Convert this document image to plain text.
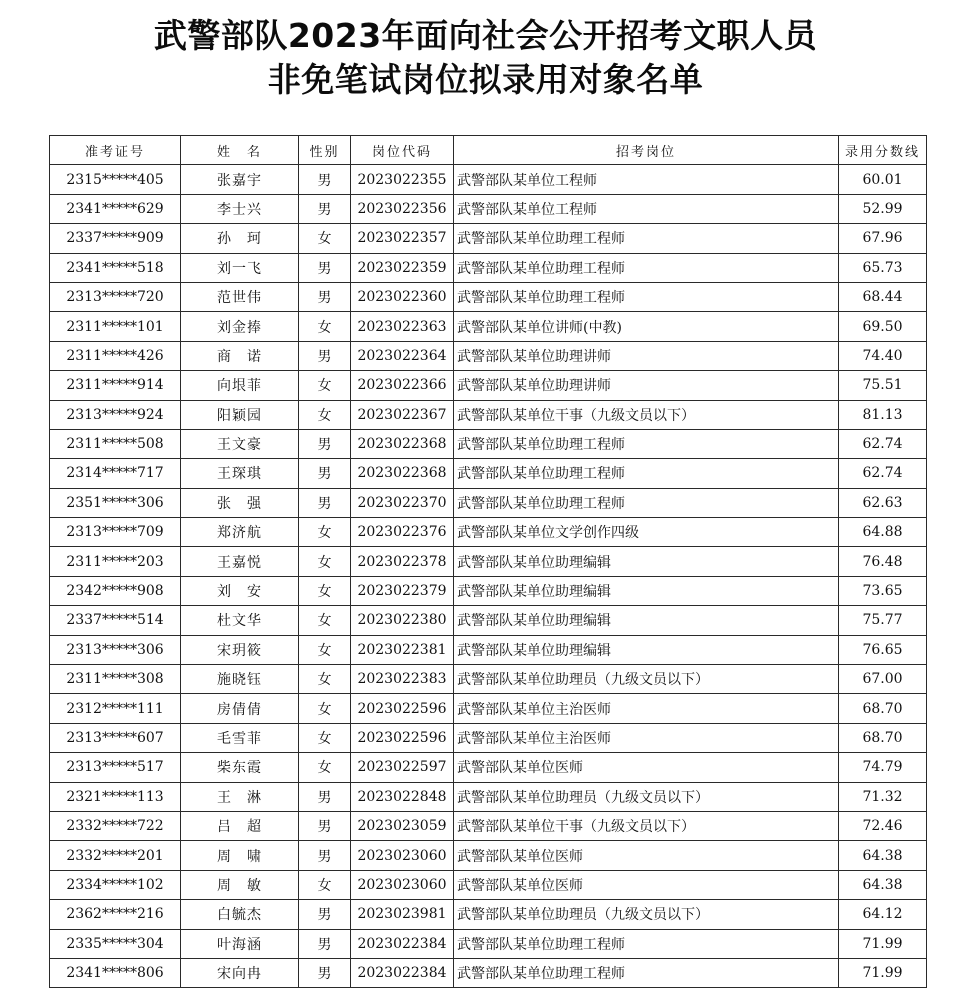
武警部队2023年面向社会公开招考文职人员
非免笔试岗位拟录用对象名单
准考证号	姓　名	性别	岗位代码	招考岗位	录用分数线
2315*****405	张嘉宇	男	2023022355	武警部队某单位工程师	60.01
2341*****629	李士兴	男	2023022356	武警部队某单位工程师	52.99
2337*****909	孙　珂	女	2023022357	武警部队某单位助理工程师	67.96
2341*****518	刘一飞	男	2023022359	武警部队某单位助理工程师	65.73
2313*****720	范世伟	男	2023022360	武警部队某单位助理工程师	68.44
2311*****101	刘金捧	女	2023022363	武警部队某单位讲师(中教)	69.50
2311*****426	商　诺	男	2023022364	武警部队某单位助理讲师	74.40
2311*****914	向垠菲	女	2023022366	武警部队某单位助理讲师	75.51
2313*****924	阳颖园	女	2023022367	武警部队某单位干事（九级文员以下）	81.13
2311*****508	王文豪	男	2023022368	武警部队某单位助理工程师	62.74
2314*****717	王琛琪	男	2023022368	武警部队某单位助理工程师	62.74
2351*****306	张　强	男	2023022370	武警部队某单位助理工程师	62.63
2313*****709	郑济航	女	2023022376	武警部队某单位文学创作四级	64.88
2311*****203	王嘉悦	女	2023022378	武警部队某单位助理编辑	76.48
2342*****908	刘　安	女	2023022379	武警部队某单位助理编辑	73.65
2337*****514	杜文华	女	2023022380	武警部队某单位助理编辑	75.77
2313*****306	宋玥筱	女	2023022381	武警部队某单位助理编辑	76.65
2311*****308	施晓钰	女	2023022383	武警部队某单位助理员（九级文员以下）	67.00
2312*****111	房倩倩	女	2023022596	武警部队某单位主治医师	68.70
2313*****607	毛雪菲	女	2023022596	武警部队某单位主治医师	68.70
2313*****517	柴东霞	女	2023022597	武警部队某单位医师	74.79
2321*****113	王　淋	男	2023022848	武警部队某单位助理员（九级文员以下）	71.32
2332*****722	吕　超	男	2023023059	武警部队某单位干事（九级文员以下）	72.46
2332*****201	周　啸	男	2023023060	武警部队某单位医师	64.38
2334*****102	周　敏	女	2023023060	武警部队某单位医师	64.38
2362*****216	白毓杰	男	2023023981	武警部队某单位助理员（九级文员以下）	64.12
2335*****304	叶海涵	男	2023022384	武警部队某单位助理工程师	71.99
2341*****806	宋向冉	男	2023022384	武警部队某单位助理工程师	71.99
